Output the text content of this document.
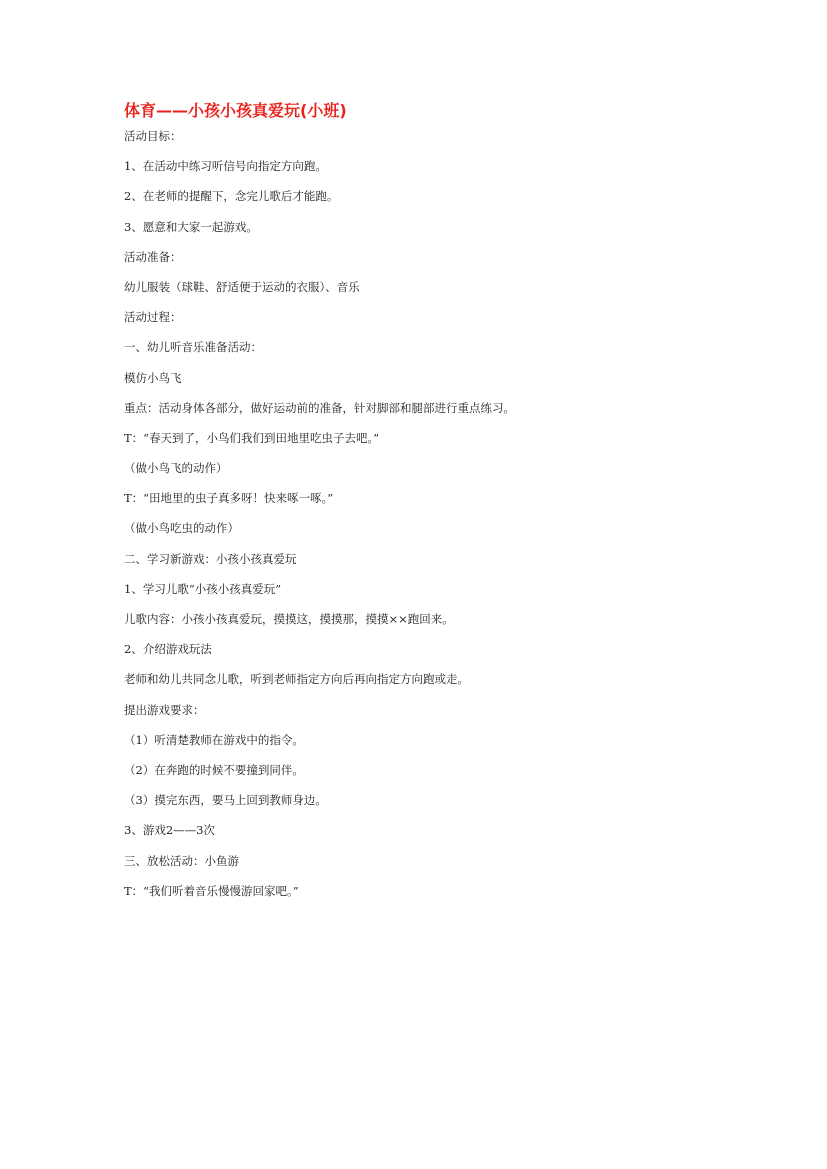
体育——小孩小孩真爱玩(小班)
活动目标：
1、在活动中练习听信号向指定方向跑。
2、在老师的提醒下，念完儿歌后才能跑。
3、愿意和大家一起游戏。
活动准备：
幼儿服装（球鞋、舒适便于运动的衣服）、音乐
活动过程：
一、幼儿听音乐准备活动：
模仿小鸟飞
重点：活动身体各部分，做好运动前的准备，针对脚部和腿部进行重点练习。
T：“春天到了，小鸟们我们到田地里吃虫子去吧。”
（做小鸟飞的动作）
T：“田地里的虫子真多呀！快来啄一啄。”
（做小鸟吃虫的动作）
二、学习新游戏：小孩小孩真爱玩
1、学习儿歌“小孩小孩真爱玩”
儿歌内容：小孩小孩真爱玩，摸摸这，摸摸那，摸摸××跑回来。
2、介绍游戏玩法
老师和幼儿共同念儿歌，听到老师指定方向后再向指定方向跑或走。
提出游戏要求：
（1）听清楚教师在游戏中的指令。
（2）在奔跑的时候不要撞到同伴。
（3）摸完东西，要马上回到教师身边。
3、游戏2——3次
三、放松活动：小鱼游
T：“我们听着音乐慢慢游回家吧。”
